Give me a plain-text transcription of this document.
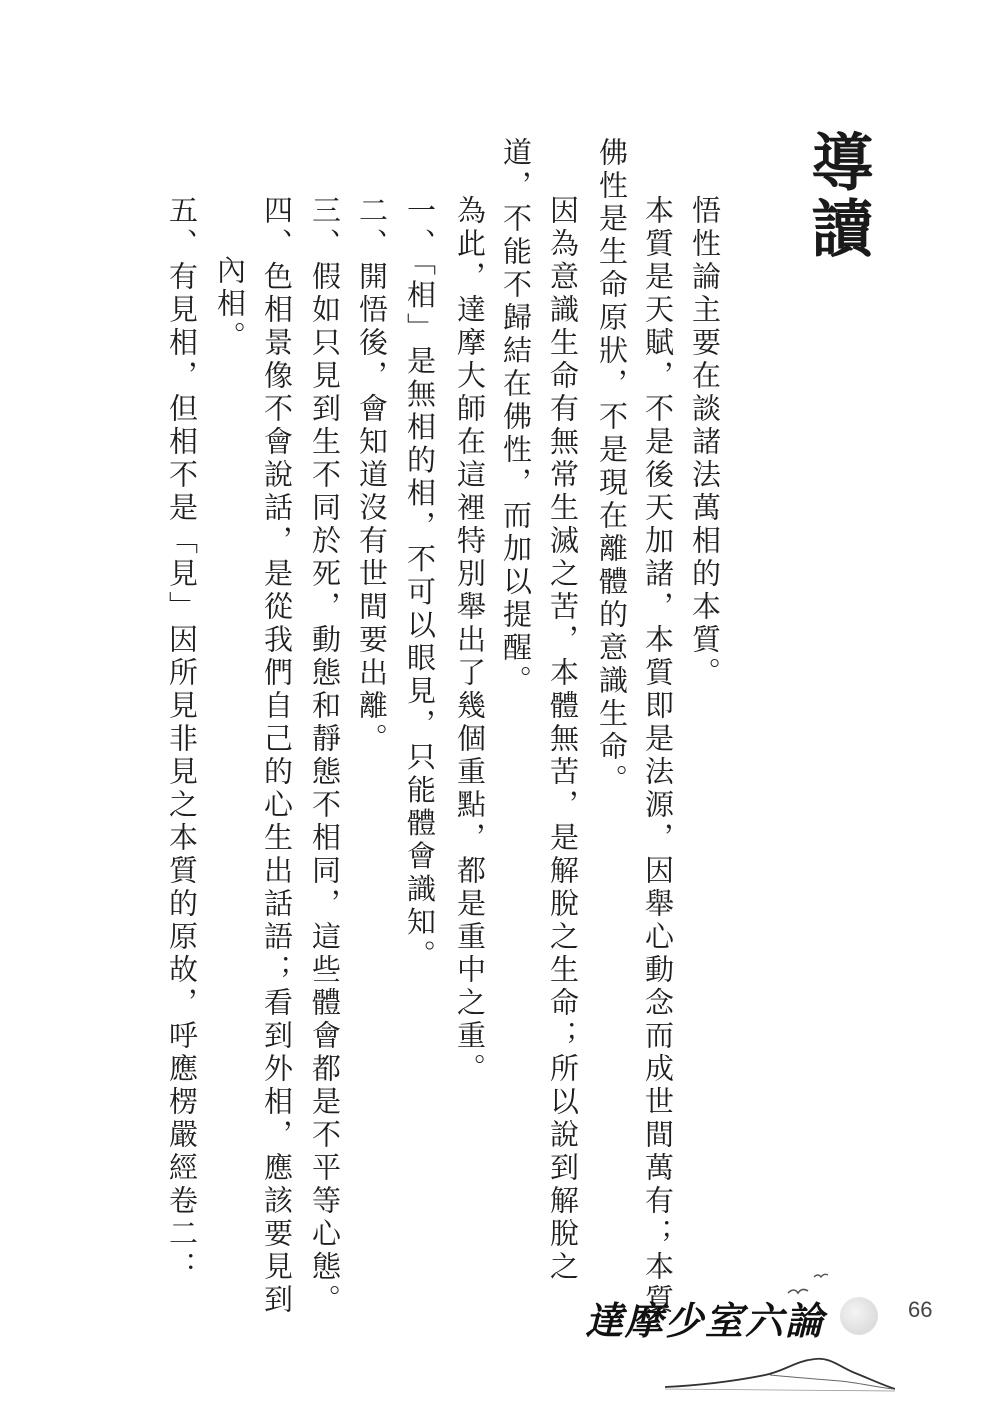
導讀
悟性論主要在談諸法萬相的本質。
本質是天賦，不是後天加諸，本質即是法源，因舉心動念而成世間萬有；本質
佛性是生命原狀，不是現在離體的意識生命。
因為意識生命有無常生滅之苦，本體無苦，是解脫之生命；所以說到解脫之
道，不能不歸結在佛性，而加以提醒。
為此，達摩大師在這裡特別舉出了幾個重點，都是重中之重。
一、「相」是無相的相，不可以眼見，只能體會識知。
二、開悟後，會知道沒有世間要出離。
三、假如只見到生不同於死，動態和靜態不相同，這些體會都是不平等心態。
四、色相景像不會說話，是從我們自己的心生出話語；看到外相，應該要見到
內相。
五、有見相，但相不是「見」因所見非見之本質的原故，呼應楞嚴經卷二：
達摩少室六論	66
